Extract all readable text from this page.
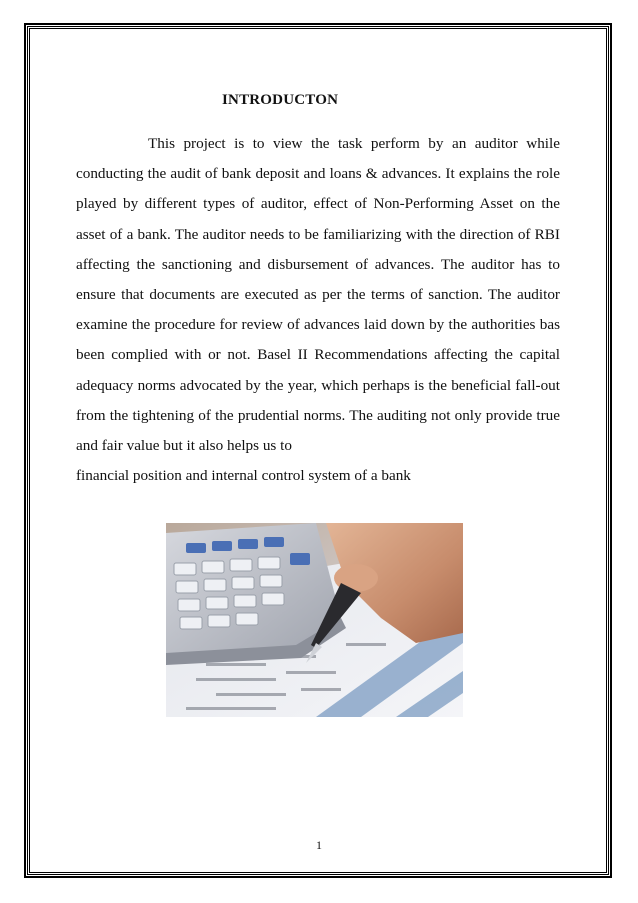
INTRODUCTON
This project is to view the task perform by an auditor while conducting the audit of bank deposit and loans & advances. It explains the role played by different types of auditor, effect of Non-Performing Asset on the asset of a bank. The auditor needs to be familiarizing with the direction of RBI affecting the sanctioning and disbursement of advances. The auditor has to ensure that documents are executed as per the terms of sanction. The auditor examine the procedure for review of advances laid down by the authorities bas been complied with or not. Basel II Recommendations affecting the capital adequacy norms advocated by the year, which perhaps is the beneficial fall-out from the tightening of the prudential norms. The auditing not only provide true and fair value but it also helps us to
financial position and internal control system of a bank
1
